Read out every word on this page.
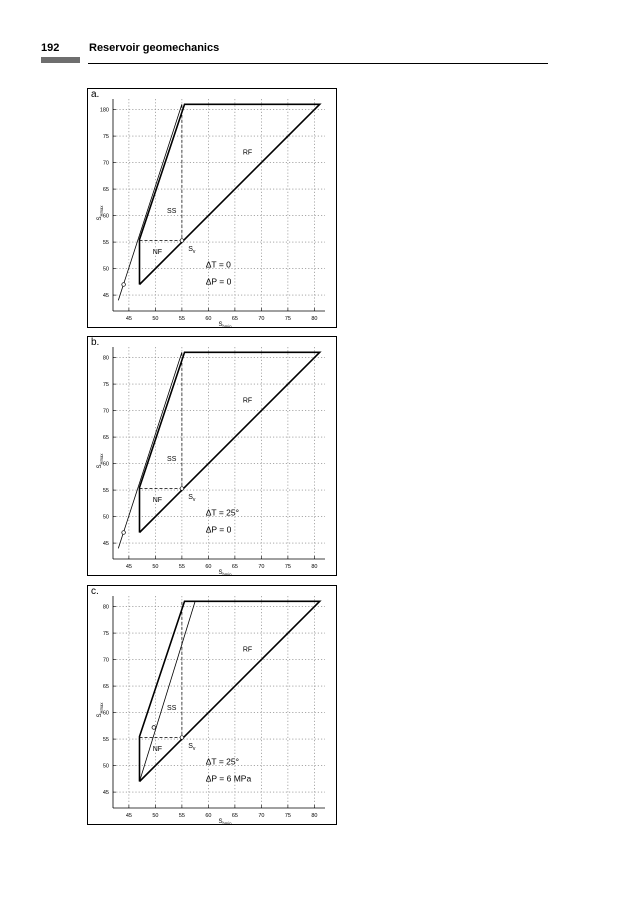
192	Reservoir geomechanics
a.
45	50	55	60	65	70	75	80
45
50
55
60
65
70
75
180
$S_{hmin}$
$S_{Hmax}$
RF
SS
NF	$S_v$
ΔT = 0
ΔP = 0
b.
45	50	55	60	65	70	75	80
45
50
55
60
65
70
75
80
$S_{hmin}$
$S_{Hmax}$
RF
SS
NF	$S_v$
ΔT = 25°
ΔP = 0
c.
45	50	55	60	65	70	75	80
45
50
55
60
65
70
75
80
$S_{hmin}$
$S_{Hmax}$
RF
SS
NF	$S_v$
ΔT = 25°
ΔP = 6 MPa
